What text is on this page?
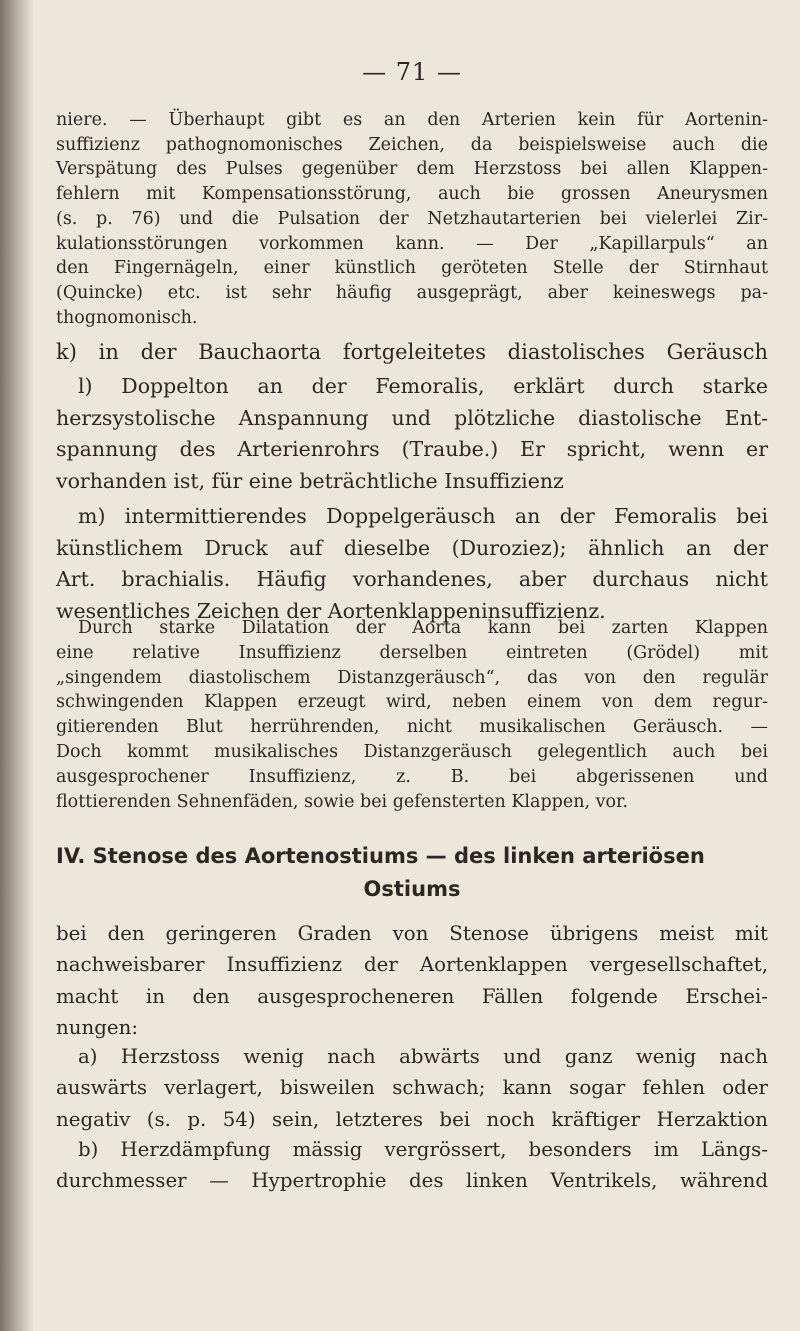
— 71 —
niere. — Überhaupt gibt es an den Arterien kein für Aortenin-
suffizienz pathognomonisches Zeichen, da beispielsweise auch die
Verspätung des Pulses gegenüber dem Herzstoss bei allen Klappen-
fehlern mit Kompensationsstörung, auch bie grossen Aneurysmen
(s. p. 76) und die Pulsation der Netzhautarterien bei vielerlei Zir-
kulationsstörungen vorkommen kann. — Der „Kapillarpuls“ an
den Fingernägeln, einer künstlich geröteten Stelle der Stirnhaut
(Quincke) etc. ist sehr häufig ausgeprägt, aber keineswegs pa-
thognomonisch.
k) in der Bauchaorta fortgeleitetes diastolisches Geräusch
l) Doppelton an der Femoralis, erklärt durch starke
herzsystolische Anspannung und plötzliche diastolische Ent-
spannung des Arterienrohrs (Traube.) Er spricht, wenn er
vorhanden ist, für eine beträchtliche Insuffizienz
m) intermittierendes Doppelgeräusch an der Femoralis bei
künstlichem Druck auf dieselbe (Duroziez); ähnlich an der
Art. brachialis. Häufig vorhandenes, aber durchaus nicht
wesentliches Zeichen der Aortenklappeninsuffizienz.
Durch starke Dilatation der Aorta kann bei zarten Klappen
eine relative Insuffizienz derselben eintreten (Grödel) mit
„singendem diastolischem Distanzgeräusch“, das von den regulär
schwingenden Klappen erzeugt wird, neben einem von dem regur-
gitierenden Blut herrührenden, nicht musikalischen Geräusch. —
Doch kommt musikalisches Distanzgeräusch gelegentlich auch bei
ausgesprochener Insuffizienz, z. B. bei abgerissenen und
flottierenden Sehnenfäden, sowie bei gefensterten Klappen, vor.
IV. Stenose des Aortenostiums — des linken arteriösen
Ostiums
bei den geringeren Graden von Stenose übrigens meist mit
nachweisbarer Insuffizienz der Aortenklappen vergesellschaftet,
macht in den ausgesprocheneren Fällen folgende Erschei-
nungen:
a) Herzstoss wenig nach abwärts und ganz wenig nach
auswärts verlagert, bisweilen schwach; kann sogar fehlen oder
negativ (s. p. 54) sein, letzteres bei noch kräftiger Herzaktion
b) Herzdämpfung mässig vergrössert, besonders im Längs-
durchmesser — Hypertrophie des linken Ventrikels, während
